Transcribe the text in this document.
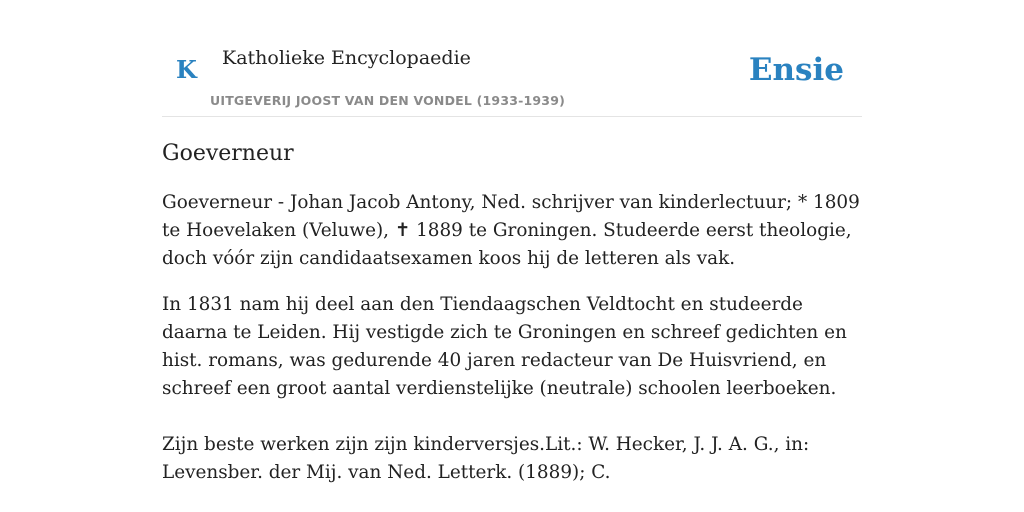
K Katholieke Encyclopaedie
UITGEVERIJ JOOST VAN DEN VONDEL (1933-1939)
Ensie
Goeverneur

Goeverneur - Johan Jacob Antony, Ned. schrijver van kinderlectuur; * 1809 te Hoevelaken (Veluwe), ✝ 1889 te Groningen. Studeerde eerst theologie, doch vóór zijn candidaatsexamen koos hij de letteren als vak.

In 1831 nam hij deel aan den Tiendaagschen Veldtocht en studeerde daarna te Leiden. Hij vestigde zich te Groningen en schreef gedichten en hist. romans, was gedurende 40 jaren redacteur van De Huisvriend, en schreef een groot aantal verdienstelijke (neutrale) schoolen leerboeken.

Zijn beste werken zijn zijn kinderversjes.Lit.: W. Hecker, J. J. A. G., in: Levensber. der Mij. van Ned. Letterk. (1889); C.
